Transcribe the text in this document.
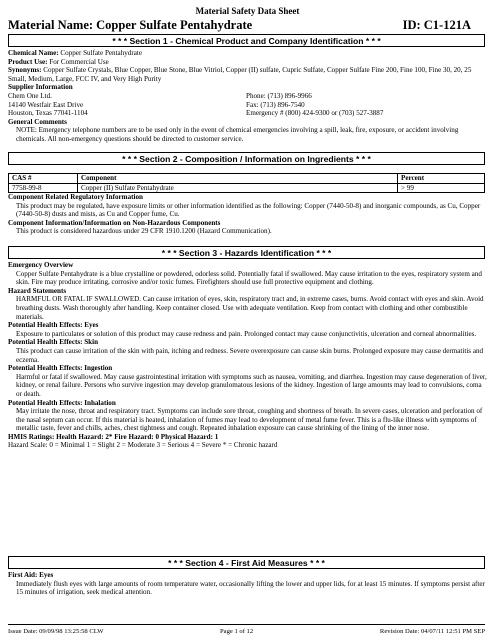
Material Safety Data Sheet
Material Name: Copper Sulfate Pentahydrate	ID: C1-121A
* * * Section 1 - Chemical Product and Company Identification * * *
Chemical Name: Copper Sulfate Pentahydrate
Product Use: For Commercial Use
Synonyms: Copper Sulfate Crystals, Blue Copper, Blue Stone, Blue Vitriol, Copper (II) sulfate, Cupric Sulfate, Copper Sulfate Fine 200, Fine 100, Fine 30, 20, 25 Small, Medium, Large, FCC IV, and Very High Purity
Supplier Information
Chem One Ltd.	Phone: (713) 896-9966
14140 Westfair East Drive	Fax: (713) 896-7540
Houston, Texas 77041-1104	Emergency # (800) 424-9300 or (703) 527-3887
General Comments
NOTE: Emergency telephone numbers are to be used only in the event of chemical emergencies involving a spill, leak, fire, exposure, or accident involving chemicals. All non-emergency questions should be directed to customer service.
* * * Section 2 - Composition / Information on Ingredients * * *
CAS #	Component	Percent
7758-99-8	Copper (II) Sulfate Pentahydrate	> 99
Component Related Regulatory Information
This product may be regulated, have exposure limits or other information identified as the following: Copper (7440-50-8) and inorganic compounds, as Cu, Copper (7440-50-8) dusts and mists, as Cu and Copper fume, Cu.
Component Information/Information on Non-Hazardous Components
This product is considered hazardous under 29 CFR 1910.1200 (Hazard Communication).
* * * Section 3 - Hazards Identification * * *
Emergency Overview
Copper Sulfate Pentahydrate is a blue crystalline or powdered, odorless solid. Potentially fatal if swallowed. May cause irritation to the eyes, respiratory system and skin. Fire may produce irritating, corrosive and/or toxic fumes. Firefighters should use full protective equipment and clothing.
Hazard Statements
HARMFUL OR FATAL IF SWALLOWED. Can cause irritation of eyes, skin, respiratory tract and, in extreme cases, burns. Avoid contact with eyes and skin. Avoid breathing dusts. Wash thoroughly after handling. Keep container closed. Use with adequate ventilation. Keep from contact with clothing and other combustible materials.
Potential Health Effects: Eyes
Exposure to particulates or solution of this product may cause redness and pain. Prolonged contact may cause conjunctivitis, ulceration and corneal abnormalities.
Potential Health Effects: Skin
This product can cause irritation of the skin with pain, itching and redness. Severe overexposure can cause skin burns. Prolonged exposure may cause dermatitis and eczema.
Potential Health Effects: Ingestion
Harmful or fatal if swallowed. May cause gastrointestinal irritation with symptoms such as nausea, vomiting, and diarrhea. Ingestion may cause degeneration of liver, kidney, or renal failure. Persons who survive ingestion may develop granulomatous lesions of the kidney. Ingestion of large amounts may lead to convulsions, coma or death.
Potential Health Effects: Inhalation
May irritate the nose, throat and respiratory tract. Symptoms can include sore throat, coughing and shortness of breath. In severe cases, ulceration and perforation of the nasal septum can occur. If this material is heated, inhalation of fumes may lead to development of metal fume fever. This is a flu-like illness with symptoms of metallic taste, fever and chills, aches, chest tightness and cough. Repeated inhalation exposure can cause shrinking of the lining of the inner nose.
HMIS Ratings: Health Hazard: 2* Fire Hazard: 0 Physical Hazard: 1
Hazard Scale: 0 = Minimal 1 = Slight 2 = Moderate 3 = Serious 4 = Severe * = Chronic hazard
* * * Section 4 - First Aid Measures * * *
First Aid: Eyes
Immediately flush eyes with large amounts of room temperature water, occasionally lifting the lower and upper lids, for at least 15 minutes. If symptoms persist after 15 minutes of irrigation, seek medical attention.
Issue Date: 09/09/98 13:25:58 CLW	Page 1 of 12	Revision Date: 04/07/11 12:51 PM SEP
